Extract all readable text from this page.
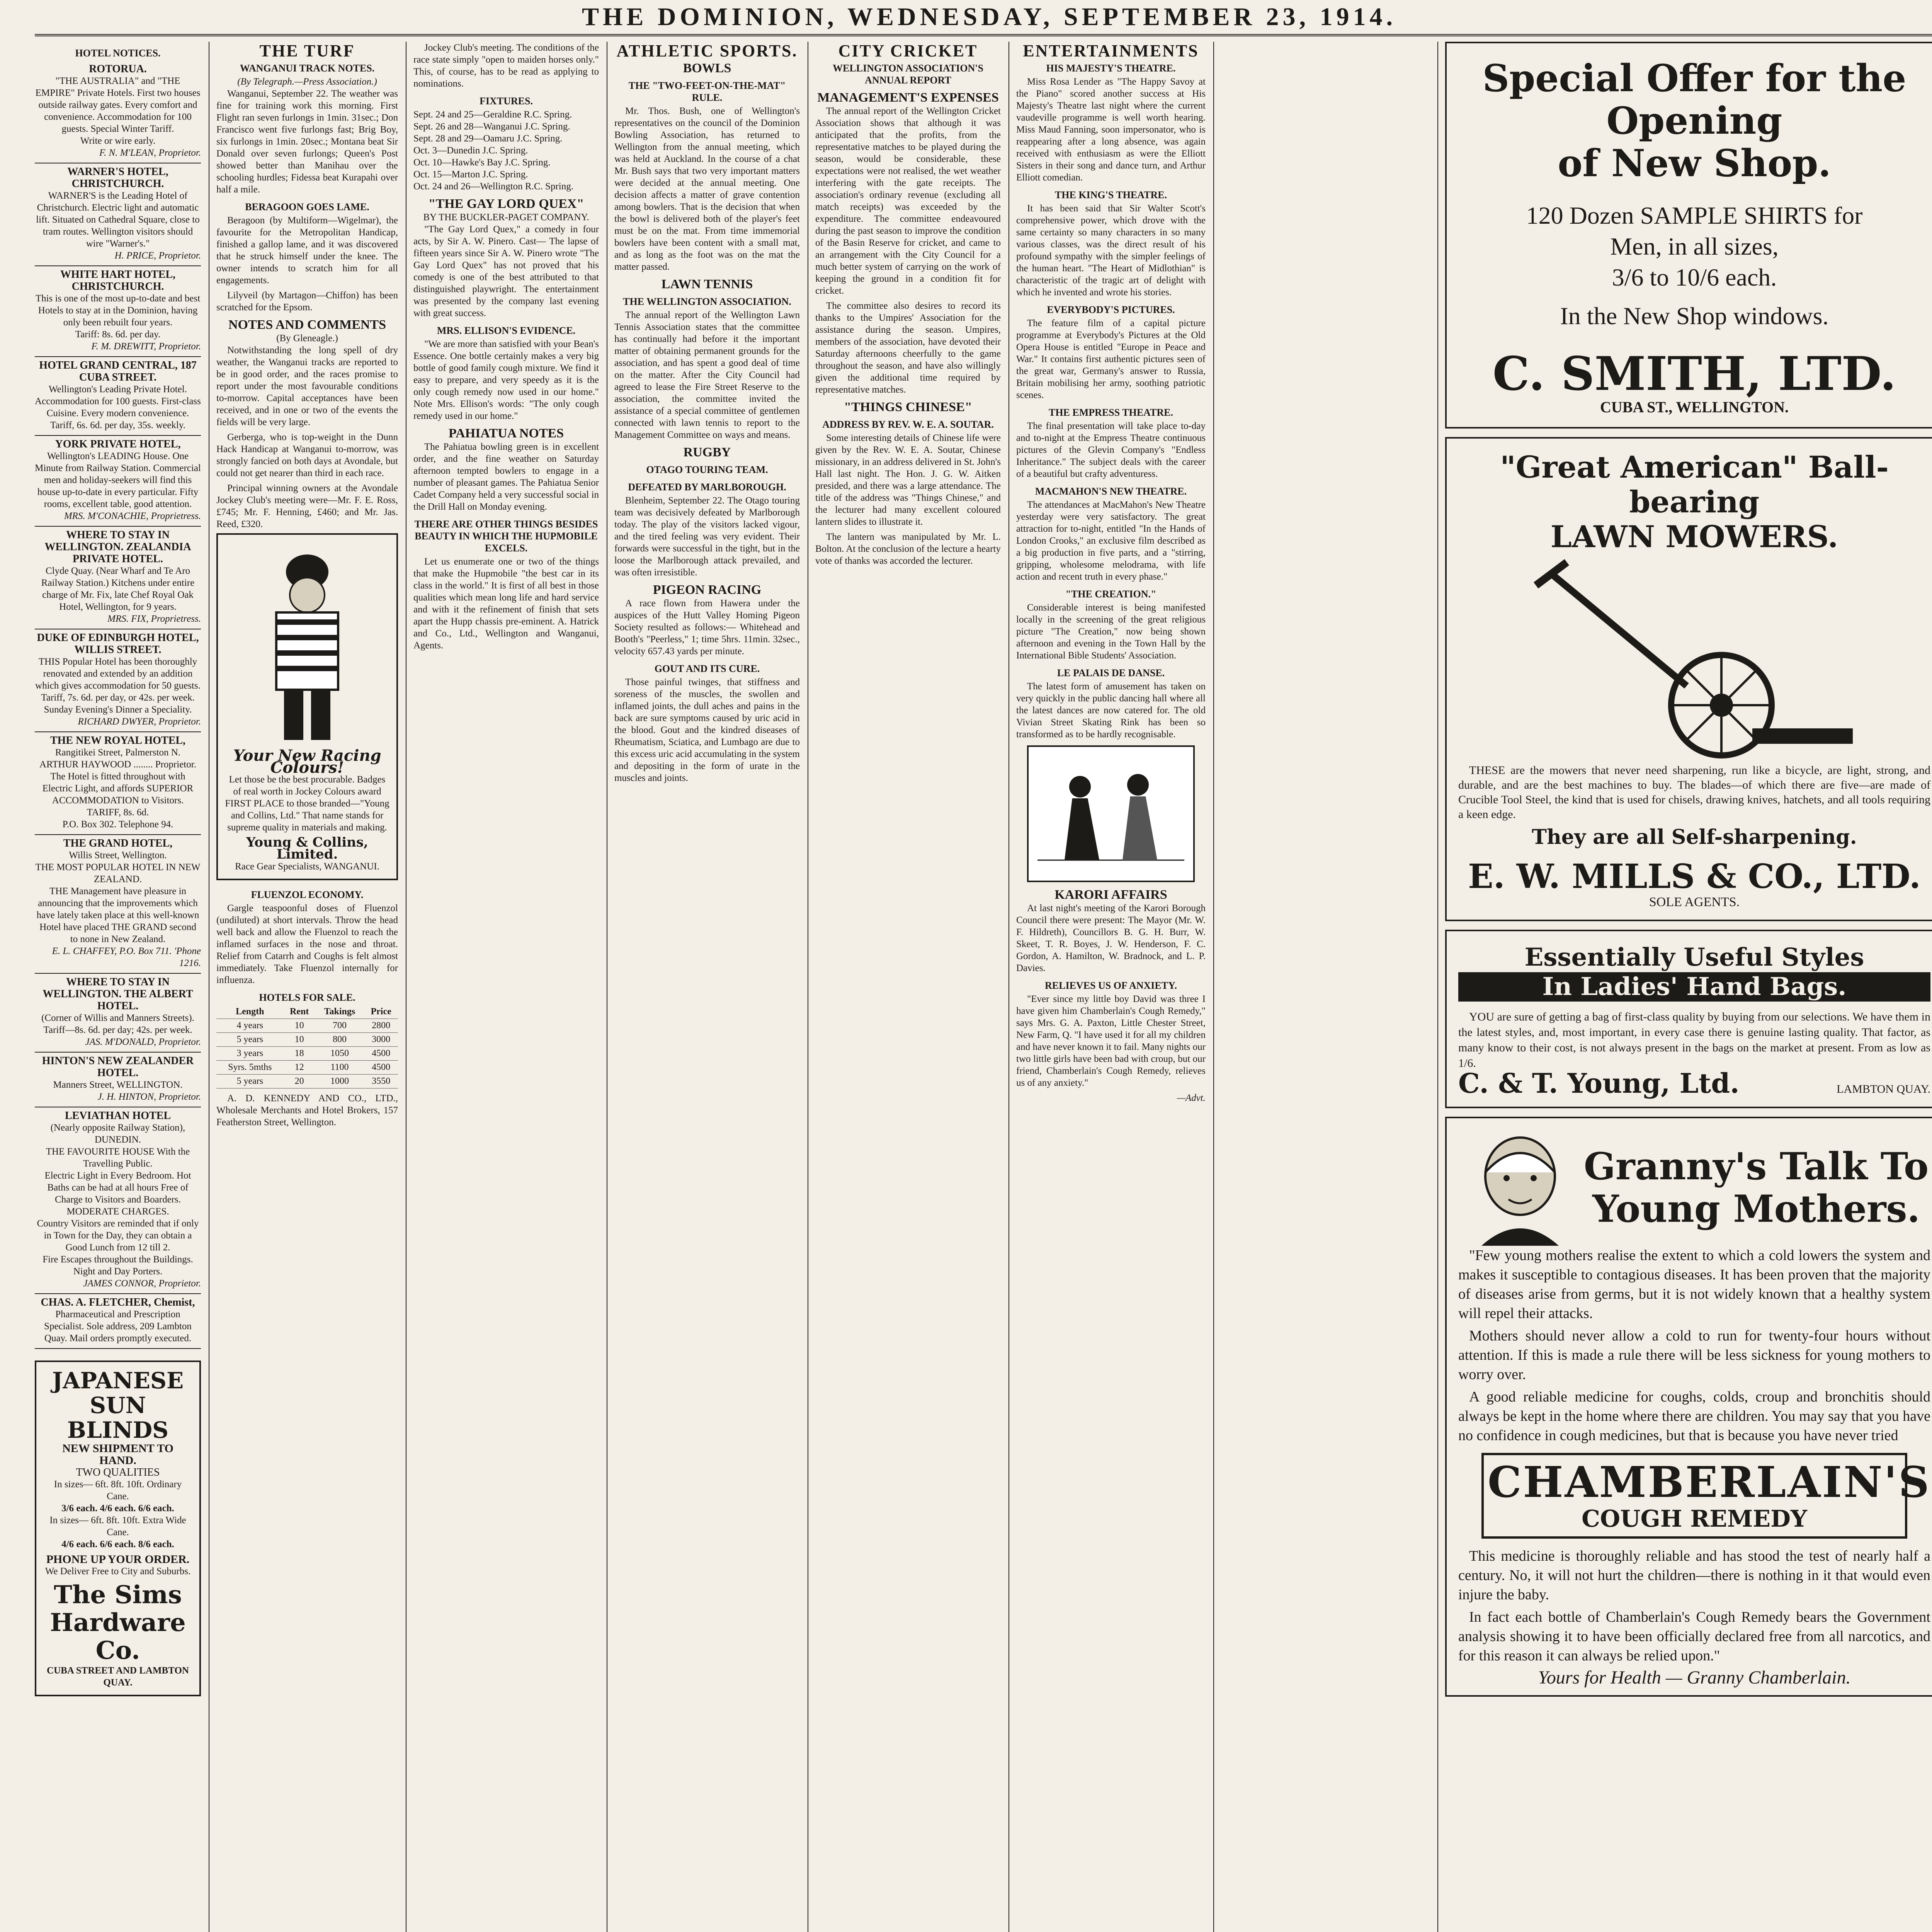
THE DOMINION, WEDNESDAY, SEPTEMBER 23, 1914.
HOTEL NOTICES.
ROTORUA.
"THE AUSTRALIA" and "THE EMPIRE" Private Hotels. First two houses outside railway gates. Every comfort and convenience. Accommodation for 100 guests. Special Winter Tariff.
Write or wire early.
F. N. M'LEAN, Proprietor.
WARNER'S HOTEL, CHRISTCHURCH.
WARNER'S is the Leading Hotel of Christchurch. Electric light and automatic lift. Situated on Cathedral Square, close to tram routes. Wellington visitors should wire "Warner's."
H. PRICE, Proprietor.
WHITE HART HOTEL, CHRISTCHURCH.
This is one of the most up-to-date and best Hotels to stay at in the Dominion, having only been rebuilt four years.
Tariff: 8s. 6d. per day.
F. M. DREWITT, Proprietor.
HOTEL GRAND CENTRAL, 187 CUBA STREET.
Wellington's Leading Private Hotel. Accommodation for 100 guests. First-class Cuisine. Every modern convenience. Tariff, 6s. 6d. per day, 35s. weekly.
YORK PRIVATE HOTEL,
Wellington's LEADING House. One Minute from Railway Station. Commercial men and holiday-seekers will find this house up-to-date in every particular. Fifty rooms, excellent table, good attention.
MRS. M'CONACHIE, Proprietress.
WHERE TO STAY IN WELLINGTON. ZEALANDIA PRIVATE HOTEL.
Clyde Quay. (Near Wharf and Te Aro Railway Station.) Kitchens under entire charge of Mr. Fix, late Chef Royal Oak Hotel, Wellington, for 9 years.
MRS. FIX, Proprietress.
DUKE OF EDINBURGH HOTEL, WILLIS STREET.
THIS Popular Hotel has been thoroughly renovated and extended by an addition which gives accommodation for 50 guests.
Tariff, 7s. 6d. per day, or 42s. per week.
Sunday Evening's Dinner a Speciality.
RICHARD DWYER, Proprietor.
THE NEW ROYAL HOTEL,
Rangitikei Street, Palmerston N.
ARTHUR HAYWOOD ........ Proprietor.
The Hotel is fitted throughout with Electric Light, and affords SUPERIOR ACCOMMODATION to Visitors.
TARIFF, 8s. 6d.
P.O. Box 302. Telephone 94.
THE GRAND HOTEL,
Willis Street, Wellington.
THE MOST POPULAR HOTEL IN NEW ZEALAND.
THE Management have pleasure in announcing that the improvements which have lately taken place at this well-known Hotel have placed THE GRAND second to none in New Zealand.
E. L. CHAFFEY, P.O. Box 711. 'Phone 1216.
WHERE TO STAY IN WELLINGTON. THE ALBERT HOTEL.
(Corner of Willis and Manners Streets).
Tariff—8s. 6d. per day; 42s. per week.
JAS. M'DONALD, Proprietor.
HINTON'S NEW ZEALANDER HOTEL.
Manners Street, WELLINGTON.
J. H. HINTON, Proprietor.
LEVIATHAN HOTEL
(Nearly opposite Railway Station), DUNEDIN.
THE FAVOURITE HOUSE With the Travelling Public.
Electric Light in Every Bedroom. Hot Baths can be had at all hours Free of Charge to Visitors and Boarders.
MODERATE CHARGES.
Country Visitors are reminded that if only in Town for the Day, they can obtain a Good Lunch from 12 till 2.
Fire Escapes throughout the Buildings.
Night and Day Porters.
JAMES CONNOR, Proprietor.
CHAS. A. FLETCHER, Chemist,
Pharmaceutical and Prescription Specialist. Sole address, 209 Lambton Quay. Mail orders promptly executed.
JAPANESE SUN BLINDS
NEW SHIPMENT TO HAND.
TWO QUALITIES
In sizes— 6ft. 8ft. 10ft. Ordinary Cane.
3/6 each. 4/6 each. 6/6 each.
In sizes— 6ft. 8ft. 10ft. Extra Wide Cane.
4/6 each. 6/6 each. 8/6 each.
PHONE UP YOUR ORDER.
We Deliver Free to City and Suburbs.
The Sims Hardware Co.
CUBA STREET AND LAMBTON QUAY.
THE TURF
WANGANUI TRACK NOTES.
(By Telegraph.—Press Association.)

Wanganui, September 22. The weather was fine for training work this morning. First Flight ran seven furlongs in 1min. 31sec.; Don Francisco went five furlongs fast; Brig Boy, six furlongs in 1min. 20sec.; Montana beat Sir Donald over seven furlongs; Queen's Post showed better than Manihau over the schooling hurdles; Fidessa beat Kurapahi over half a mile.

BERAGOON GOES LAME.

Beragoon (by Multiform—Wigelmar), the favourite for the Metropolitan Handicap, finished a gallop lame, and it was discovered that he struck himself under the knee. The owner intends to scratch him for all engagements.

Lilyveil (by Martagon—Chiffon) has been scratched for the Epsom.

NOTES AND COMMENTS
(By Gleneagle.)

Notwithstanding the long spell of dry weather, the Wanganui tracks are reported to be in good order, and the races promise to report under the most favourable conditions to-morrow. Capital acceptances have been received, and in one or two of the events the fields will be very large.

Gerberga, who is top-weight in the Dunn Hack Handicap at Wanganui to-morrow, was strongly fancied on both days at Avondale, but could not get nearer than third in each race.

Principal winning owners at the Avondale Jockey Club's meeting were—Mr. F. E. Ross, £745; Mr. F. Henning, £460; and Mr. Jas. Reed, £320.

Your New Racing Colours!

Let those be the best procurable. Badges of real worth in Jockey Colours award FIRST PLACE to those branded—"Young and Collins, Ltd." That name stands for supreme quality in materials and making.

Young & Collins, Limited.
Race Gear Specialists, WANGANUI.
FLUENZOL ECONOMY.

Gargle teaspoonful doses of Fluenzol (undiluted) at short intervals. Throw the head well back and allow the Fluenzol to reach the inflamed surfaces in the nose and throat. Relief from Catarrh and Coughs is felt almost immediately. Take Fluenzol internally for influenza.

HOTELS FOR SALE.
Length	Rent	Takings	Price
4 years	10	700	2800
5 years	10	800	3000
3 years	18	1050	4500
Syrs. 5mths	12	1100	4500
5 years	20	1000	3550

A. D. KENNEDY AND CO., LTD., Wholesale Merchants and Hotel Brokers, 157 Featherston Street, Wellington.

Jockey Club's meeting. The conditions of the race state simply "open to maiden horses only." This, of course, has to be read as applying to nominations.

FIXTURES.
Sept. 24 and 25—Geraldine R.C. Spring.
Sept. 26 and 28—Wanganui J.C. Spring.
Sept. 28 and 29—Oamaru J.C. Spring.
Oct. 3—Dunedin J.C. Spring.
Oct. 10—Hawke's Bay J.C. Spring.
Oct. 15—Marton J.C. Spring.
Oct. 24 and 26—Wellington R.C. Spring.
"THE GAY LORD QUEX"
BY THE BUCKLER-PAGET COMPANY.

"The Gay Lord Quex," a comedy in four acts, by Sir A. W. Pinero. Cast— The lapse of fifteen years since Sir A. W. Pinero wrote "The Gay Lord Quex" has not proved that his comedy is one of the best attributed to that distinguished playwright. The entertainment was presented by the company last evening with great success.

MRS. ELLISON'S EVIDENCE.

"We are more than satisfied with your Bean's Essence. One bottle certainly makes a very big bottle of good family cough mixture. We find it easy to prepare, and very speedy as it is the only cough remedy now used in our home." Note Mrs. Ellison's words: "The only cough remedy used in our home."

PAHIATUA NOTES

The Pahiatua bowling green is in excellent order, and the fine weather on Saturday afternoon tempted bowlers to engage in a number of pleasant games. The Pahiatua Senior Cadet Company held a very successful social in the Drill Hall on Monday evening.

THERE ARE OTHER THINGS BESIDES BEAUTY IN WHICH THE HUPMOBILE EXCELS.

Let us enumerate one or two of the things that make the Hupmobile "the best car in its class in the world." It is first of all best in those qualities which mean long life and hard service and with it the refinement of finish that sets apart the Hupp chassis pre-eminent. A. Hatrick and Co., Ltd., Wellington and Wanganui, Agents.

ATHLETIC SPORTS.
BOWLS
THE "TWO-FEET-ON-THE-MAT" RULE.

Mr. Thos. Bush, one of Wellington's representatives on the council of the Dominion Bowling Association, has returned to Wellington from the annual meeting, which was held at Auckland. In the course of a chat Mr. Bush says that two very important matters were decided at the annual meeting. One decision affects a matter of grave contention among bowlers. That is the decision that when the bowl is delivered both of the player's feet must be on the mat. From time immemorial bowlers have been content with a small mat, and as long as the foot was on the mat the matter passed.

LAWN TENNIS
THE WELLINGTON ASSOCIATION.

The annual report of the Wellington Lawn Tennis Association states that the committee has continually had before it the important matter of obtaining permanent grounds for the association, and has spent a good deal of time on the matter. After the City Council had agreed to lease the Fire Street Reserve to the association, the committee invited the assistance of a special committee of gentlemen connected with lawn tennis to report to the Management Committee on ways and means.

RUGBY
OTAGO TOURING TEAM.
DEFEATED BY MARLBOROUGH.

Blenheim, September 22. The Otago touring team was decisively defeated by Marlborough today. The play of the visitors lacked vigour, and the tired feeling was very evident. Their forwards were successful in the tight, but in the loose the Marlborough attack prevailed, and was often irresistible.

PIGEON RACING

A race flown from Hawera under the auspices of the Hutt Valley Homing Pigeon Society resulted as follows:— Whitehead and Booth's "Peerless," 1; time 5hrs. 11min. 32sec., velocity 657.43 yards per minute.

GOUT AND ITS CURE.

Those painful twinges, that stiffness and soreness of the muscles, the swollen and inflamed joints, the dull aches and pains in the back are sure symptoms caused by uric acid in the blood. Gout and the kindred diseases of Rheumatism, Sciatica, and Lumbago are due to this excess uric acid accumulating in the system and depositing in the form of urate in the muscles and joints.

CITY CRICKET
WELLINGTON ASSOCIATION'S ANNUAL REPORT
MANAGEMENT'S EXPENSES

The annual report of the Wellington Cricket Association shows that although it was anticipated that the profits, from the representative matches to be played during the season, would be considerable, these expectations were not realised, the wet weather interfering with the gate receipts. The association's ordinary revenue (excluding all match receipts) was exceeded by the expenditure. The committee endeavoured during the past season to improve the condition of the Basin Reserve for cricket, and came to an arrangement with the City Council for a much better system of carrying on the work of keeping the ground in a condition fit for cricket.

The committee also desires to record its thanks to the Umpires' Association for the assistance during the season. Umpires, members of the association, have devoted their Saturday afternoons cheerfully to the game throughout the season, and have also willingly given the additional time required by representative matches.

"THINGS CHINESE"
ADDRESS BY REV. W. E. A. SOUTAR.

Some interesting details of Chinese life were given by the Rev. W. E. A. Soutar, Chinese missionary, in an address delivered in St. John's Hall last night. The Hon. J. G. W. Aitken presided, and there was a large attendance. The title of the address was "Things Chinese," and the lecturer had many excellent coloured lantern slides to illustrate it.

The lantern was manipulated by Mr. L. Bolton. At the conclusion of the lecture a hearty vote of thanks was accorded the lecturer.

ENTERTAINMENTS
HIS MAJESTY'S THEATRE.

Miss Rosa Lender as "The Happy Savoy at the Piano" scored another success at His Majesty's Theatre last night where the current vaudeville programme is well worth hearing. Miss Maud Fanning, soon impersonator, who is reappearing after a long absence, was again received with enthusiasm as were the Elliott Sisters in their song and dance turn, and Arthur Elliott comedian.

THE KING'S THEATRE.

It has been said that Sir Walter Scott's comprehensive power, which drove with the same certainty so many characters in so many various classes, was the direct result of his profound sympathy with the simpler feelings of the human heart. "The Heart of Midlothian" is characteristic of the tragic art of delight with which he invented and wrote his stories.

EVERYBODY'S PICTURES.

The feature film of a capital picture programme at Everybody's Pictures at the Old Opera House is entitled "Europe in Peace and War." It contains first authentic pictures seen of the great war, Germany's answer to Russia, Britain mobilising her army, soothing patriotic scenes.

THE EMPRESS THEATRE.

The final presentation will take place to-day and to-night at the Empress Theatre continuous pictures of the Glevin Company's "Endless Inheritance." The subject deals with the career of a beautiful but crafty adventuress.

MACMAHON'S NEW THEATRE.

The attendances at MacMahon's New Theatre yesterday were very satisfactory. The great attraction for to-night, entitled "In the Hands of London Crooks," an exclusive film described as a big production in five parts, and a "stirring, gripping, wholesome melodrama, with life action and recent truth in every phase."

"THE CREATION."

Considerable interest is being manifested locally in the screening of the great religious picture "The Creation," now being shown afternoon and evening in the Town Hall by the International Bible Students' Association.

LE PALAIS DE DANSE.

The latest form of amusement has taken on very quickly in the public dancing hall where all the latest dances are now catered for. The old Vivian Street Skating Rink has been so transformed as to be hardly recognisable.

KARORI AFFAIRS

At last night's meeting of the Karori Borough Council there were present: The Mayor (Mr. W. F. Hildreth), Councillors B. G. H. Burr, W. Skeet, T. R. Boyes, J. W. Henderson, F. C. Gordon, A. Hamilton, W. Bradnock, and L. P. Davies.

RELIEVES US OF ANXIETY.

"Ever since my little boy David was three I have given him Chamberlain's Cough Remedy," says Mrs. G. A. Paxton, Little Chester Street, New Farm, Q. "I have used it for all my children and have never known it to fail. Many nights our two little girls have been bad with croup, but our friend, Chamberlain's Cough Remedy, relieves us of any anxiety."

—Advt.
Special Offer for the Opening
of New Shop.
120 Dozen SAMPLE SHIRTS for
Men, in all sizes,
3/6 to 10/6 each.
In the New Shop windows.
C. SMITH, LTD.
CUBA ST., WELLINGTON.
"Great American" Ball-bearing
LAWN MOWERS.

THESE are the mowers that never need sharpening, run like a bicycle, are light, strong, and durable, and are the best machines to buy. The blades—of which there are five—are made of Crucible Tool Steel, the kind that is used for chisels, drawing knives, hatchets, and all tools requiring a keen edge.

They are all Self-sharpening.
E. W. MILLS & CO., LTD.
SOLE AGENTS.
Essentially Useful Styles
In Ladies' Hand Bags.

YOU are sure of getting a bag of first-class quality by buying from our selections. We have them in the latest styles, and, most important, in every case there is genuine lasting quality. That factor, as many know to their cost, is not always present in the bags on the market at present. From as low as 1/6.

C. & T. Young, Ltd.	LAMBTON QUAY.
Granny's Talk To
Young Mothers.

"Few young mothers realise the extent to which a cold lowers the system and makes it susceptible to contagious diseases. It has been proven that the majority of diseases arise from germs, but it is not widely known that a healthy system will repel their attacks.

Mothers should never allow a cold to run for twenty-four hours without attention. If this is made a rule there will be less sickness for young mothers to worry over.

A good reliable medicine for coughs, colds, croup and bronchitis should always be kept in the home where there are children. You may say that you have no confidence in cough medicines, but that is because you have never tried

CHAMBERLAIN'S
COUGH REMEDY

This medicine is thoroughly reliable and has stood the test of nearly half a century. No, it will not hurt the children—there is nothing in it that would even injure the baby.

In fact each bottle of Chamberlain's Cough Remedy bears the Government analysis showing it to have been officially declared free from all narcotics, and for this reason it can always be relied upon."

Yours for Health — Granny Chamberlain.
